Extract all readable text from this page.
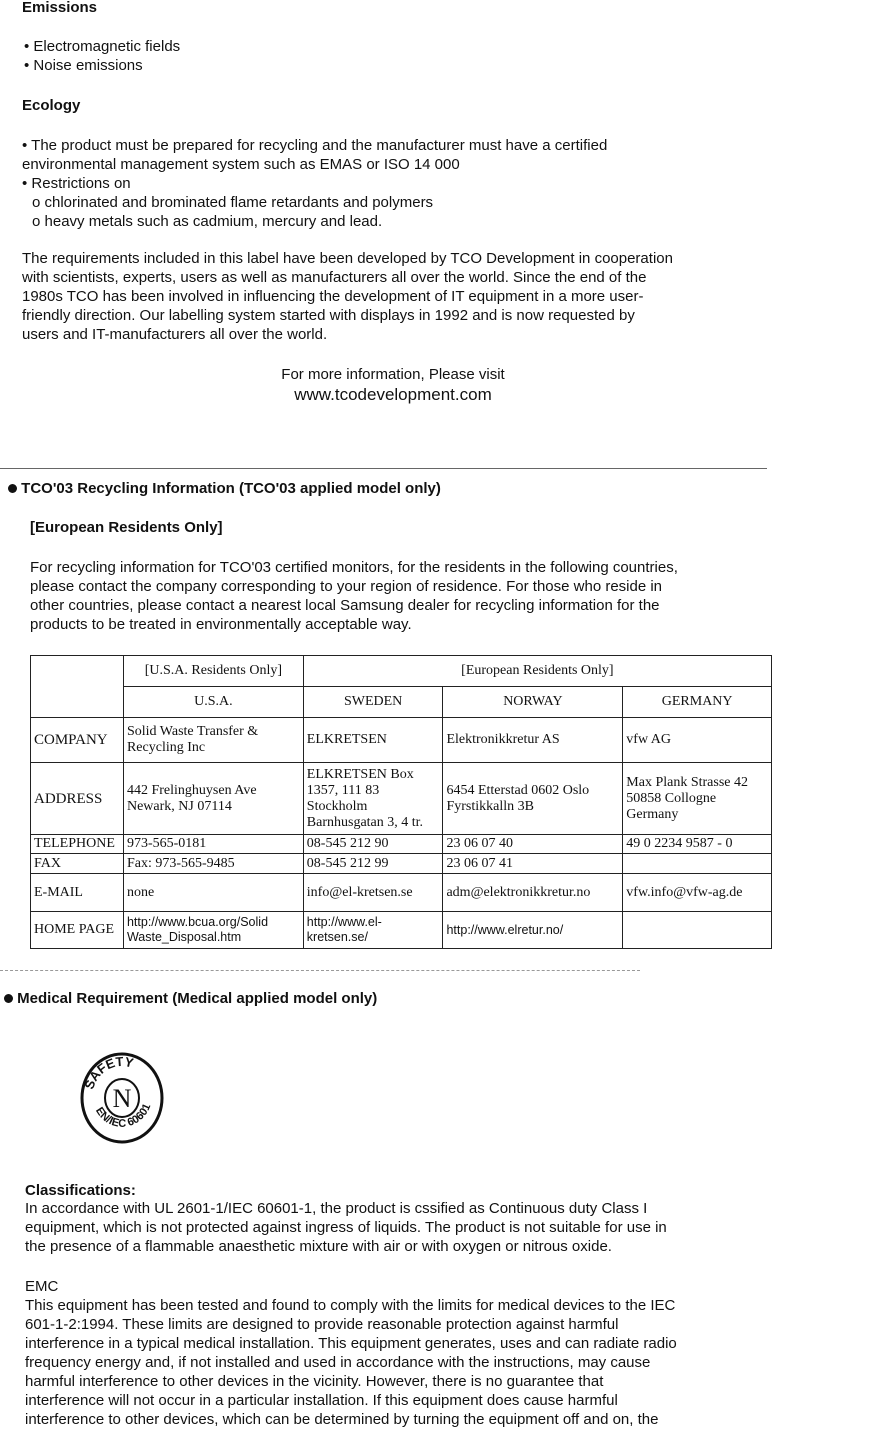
Emissions
• Electromagnetic fields
• Noise emissions
Ecology
• The product must be prepared for recycling and the manufacturer must have a certified
environmental management system such as EMAS or ISO 14 000
• Restrictions on
o chlorinated and brominated flame retardants and polymers
o heavy metals such as cadmium, mercury and lead.
The requirements included in this label have been developed by TCO Development in cooperation
with scientists, experts, users as well as manufacturers all over the world. Since the end of the
1980s TCO has been involved in influencing the development of IT equipment in a more user-
friendly direction. Our labelling system started with displays in 1992 and is now requested by
users and IT-manufacturers all over the world.
For more information, Please visit
www.tcodevelopment.com
TCO'03 Recycling Information (TCO'03 applied model only)
[European Residents Only]
For recycling information for TCO'03 certified monitors, for the residents in the following countries,
please contact the company corresponding to your region of residence. For those who reside in
other countries, please contact a nearest local Samsung dealer for recycling information for the
products to be treated in environmentally acceptable way.
	[U.S.A. Residents Only]	[European Residents Only]		
	U.S.A.	SWEDEN	NORWAY	GERMANY
COMPANY	Solid Waste Transfer & Recycling Inc	ELKRETSEN	Elektronikkretur AS	vfw AG
ADDRESS	442 Frelinghuysen Ave Newark, NJ 07114	ELKRETSEN Box 1357, 111 83 Stockholm Barnhusgatan 3, 4 tr.	6454 Etterstad 0602 Oslo Fyrstikkalln 3B	Max Plank Strasse 42 50858 Collogne Germany
TELEPHONE	973-565-0181	08-545 212 90	23 06 07 40	49 0 2234 9587 - 0
FAX	Fax: 973-565-9485	08-545 212 99	23 06 07 41	
E-MAIL	none	info@el-kretsen.se	adm@elektronikkretur.no	vfw.info@vfw-ag.de
HOME PAGE	http://www.bcua.org/Solid Waste_Disposal.htm	http://www.el-kretsen.se/	http://www.elretur.no/	
Medical Requirement (Medical applied model only)
N
SAFETY
EN/IEC 60601
Classifications:
In accordance with UL 2601-1/IEC 60601-1, the product is cssified as Continuous duty Class I
equipment, which is not protected against ingress of liquids. The product is not suitable for use in
the presence of a flammable anaesthetic mixture with air or with oxygen or nitrous oxide.
EMC
This equipment has been tested and found to comply with the limits for medical devices to the IEC
601-1-2:1994. These limits are designed to provide reasonable protection against harmful
interference in a typical medical installation. This equipment generates, uses and can radiate radio
frequency energy and, if not installed and used in accordance with the instructions, may cause
harmful interference to other devices in the vicinity. However, there is no guarantee that
interference will not occur in a particular installation. If this equipment does cause harmful
interference to other devices, which can be determined by turning the equipment off and on, the
